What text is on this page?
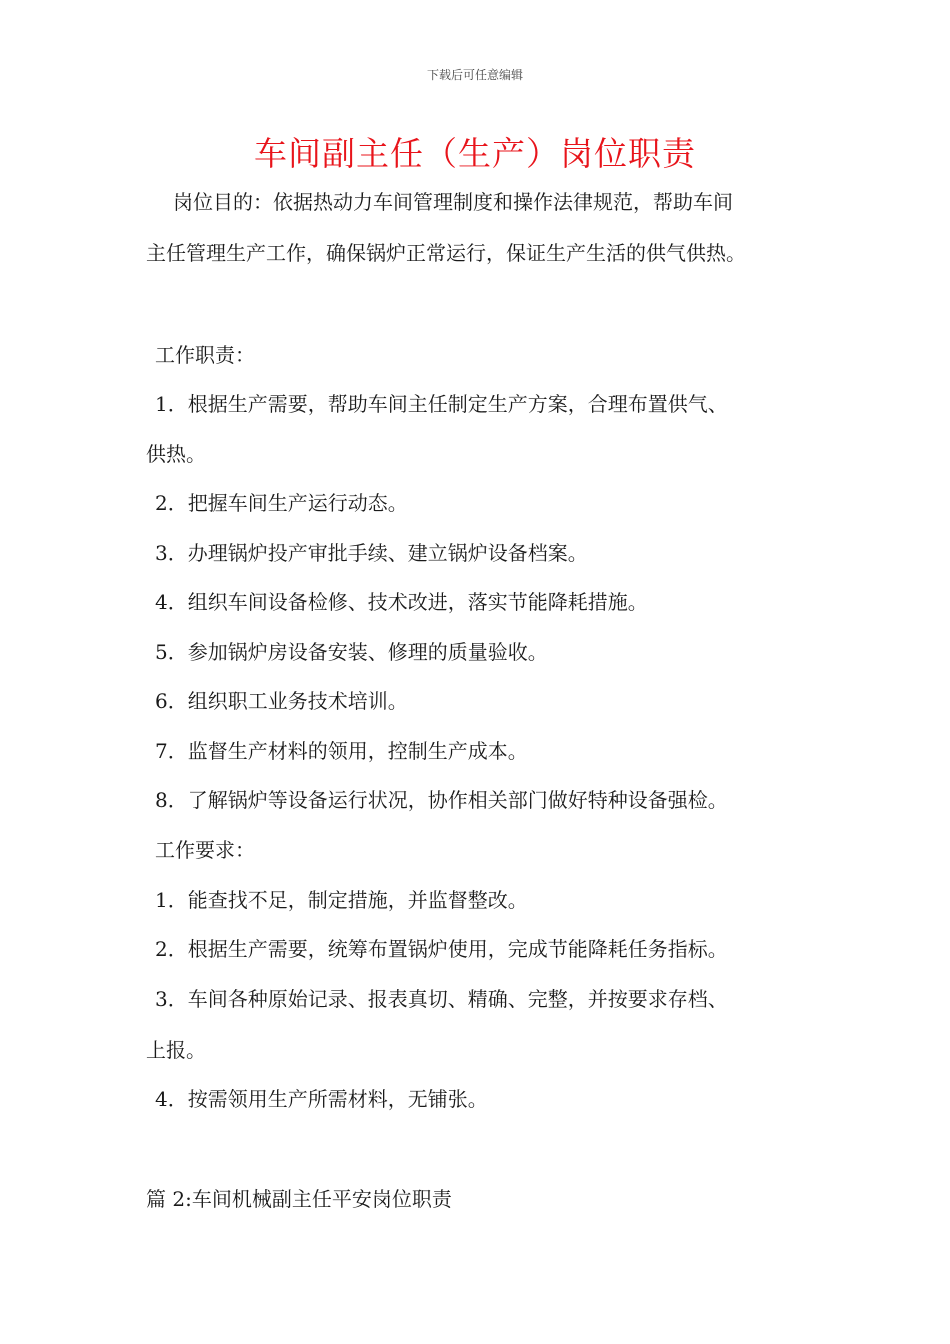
下载后可任意编辑
车间副主任（生产）岗位职责
岗位目的：依据热动力车间管理制度和操作法律规范，帮助车间
主任管理生产工作，确保锅炉正常运行，保证生产生活的供气供热。
工作职责：
1．根据生产需要，帮助车间主任制定生产方案，合理布置供气、
供热。
2．把握车间生产运行动态。
3．办理锅炉投产审批手续、建立锅炉设备档案。
4．组织车间设备检修、技术改进，落实节能降耗措施。
5．参加锅炉房设备安装、修理的质量验收。
6．组织职工业务技术培训。
7．监督生产材料的领用，控制生产成本。
8．了解锅炉等设备运行状况，协作相关部门做好特种设备强检。
工作要求：
1．能查找不足，制定措施，并监督整改。
2．根据生产需要，统筹布置锅炉使用，完成节能降耗任务指标。
3．车间各种原始记录、报表真切、精确、完整，并按要求存档、
上报。
4．按需领用生产所需材料，无铺张。
篇 2:车间机械副主任平安岗位职责
